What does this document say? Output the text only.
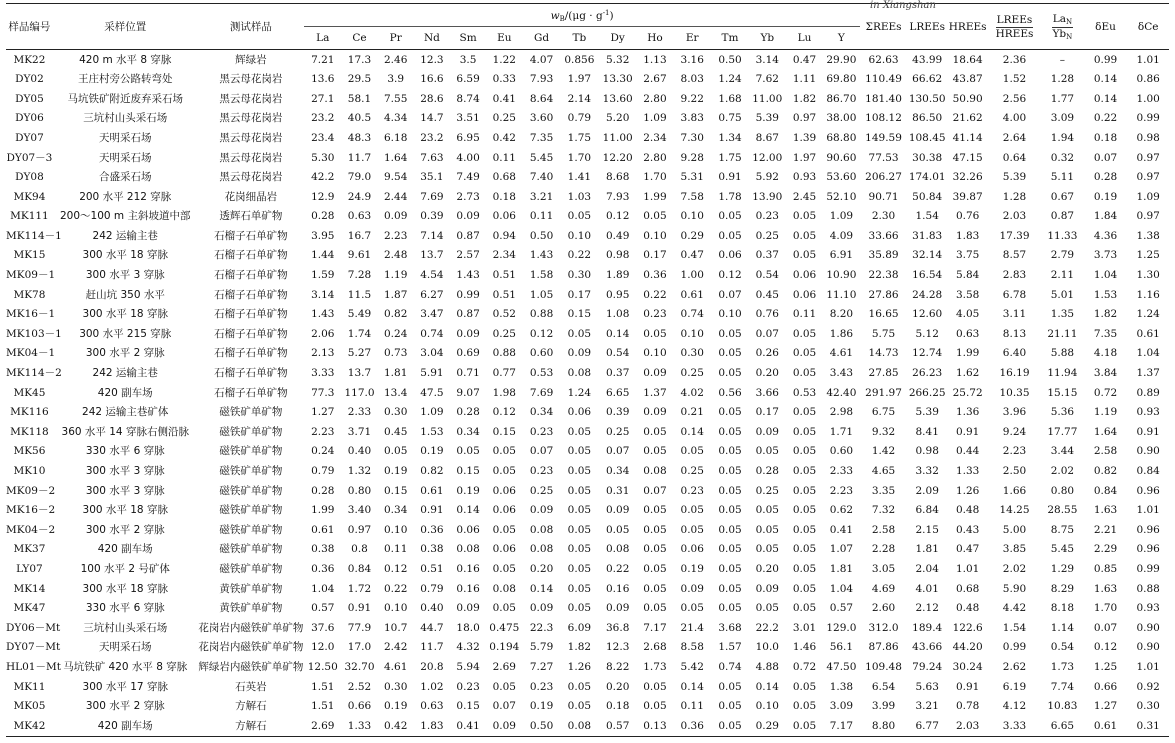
in Xiangshan
样品编号	采样位置	测试样品	$w_B/(\mu g \cdot g^{-1})$															ΣREEs	LREEs	HREEs	$\frac{\text{LREEs}}{\text{HREEs}}$	$\frac{La_N}{Yb_N}$	δEu	δCe
			La	Ce	Pr	Nd	Sm	Eu	Gd	Tb	Dy	Ho	Er	Tm	Yb	Lu	Y							
MK22	420 m 水平 8 穿脉	辉绿岩	7.21	17.3	2.46	12.3	3.5	1.22	4.07	0.856	5.32	1.13	3.16	0.50	3.14	0.47	29.90	62.63	43.99	18.64	2.36	–	0.99	1.01
DY02	王庄村旁公路转弯处	黑云母花岗岩	13.6	29.5	3.9	16.6	6.59	0.33	7.93	1.97	13.30	2.67	8.03	1.24	7.62	1.11	69.80	110.49	66.62	43.87	1.52	1.28	0.14	0.86
DY05	马坑铁矿附近废弃采石场	黑云母花岗岩	27.1	58.1	7.55	28.6	8.74	0.41	8.64	2.14	13.60	2.80	9.22	1.68	11.00	1.82	86.70	181.40	130.50	50.90	2.56	1.77	0.14	1.00
DY06	三坑村山头采石场	黑云母花岗岩	23.2	40.5	4.34	14.7	3.51	0.25	3.60	0.79	5.20	1.09	3.83	0.75	5.39	0.97	38.00	108.12	86.50	21.62	4.00	3.09	0.22	0.99
DY07	天明采石场	黑云母花岗岩	23.4	48.3	6.18	23.2	6.95	0.42	7.35	1.75	11.00	2.34	7.30	1.34	8.67	1.39	68.80	149.59	108.45	41.14	2.64	1.94	0.18	0.98
DY07－3	天明采石场	黑云母花岗岩	5.30	11.7	1.64	7.63	4.00	0.11	5.45	1.70	12.20	2.80	9.28	1.75	12.00	1.97	90.60	77.53	30.38	47.15	0.64	0.32	0.07	0.97
DY08	合盛采石场	黑云母花岗岩	42.2	79.0	9.54	35.1	7.49	0.68	7.40	1.41	8.68	1.70	5.31	0.91	5.92	0.93	53.60	206.27	174.01	32.26	5.39	5.11	0.28	0.97
MK94	200 水平 212 穿脉	花岗细晶岩	12.9	24.9	2.44	7.69	2.73	0.18	3.21	1.03	7.93	1.99	7.58	1.78	13.90	2.45	52.10	90.71	50.84	39.87	1.28	0.67	0.19	1.09
MK111	200～100 m 主斜坡道中部	透辉石单矿物	0.28	0.63	0.09	0.39	0.09	0.06	0.11	0.05	0.12	0.05	0.10	0.05	0.23	0.05	1.09	2.30	1.54	0.76	2.03	0.87	1.84	0.97
MK114－1	242 运输主巷	石榴子石单矿物	3.95	16.7	2.23	7.14	0.87	0.94	0.50	0.10	0.49	0.10	0.29	0.05	0.25	0.05	4.09	33.66	31.83	1.83	17.39	11.33	4.36	1.38
MK15	300 水平 18 穿脉	石榴子石单矿物	1.44	9.61	2.48	13.7	2.57	2.34	1.43	0.22	0.98	0.17	0.47	0.06	0.37	0.05	6.91	35.89	32.14	3.75	8.57	2.79	3.73	1.25
MK09－1	300 水平 3 穿脉	石榴子石单矿物	1.59	7.28	1.19	4.54	1.43	0.51	1.58	0.30	1.89	0.36	1.00	0.12	0.54	0.06	10.90	22.38	16.54	5.84	2.83	2.11	1.04	1.30
MK78	赶山坑 350 水平	石榴子石单矿物	3.14	11.5	1.87	6.27	0.99	0.51	1.05	0.17	0.95	0.22	0.61	0.07	0.45	0.06	11.10	27.86	24.28	3.58	6.78	5.01	1.53	1.16
MK16－1	300 水平 18 穿脉	石榴子石单矿物	1.43	5.49	0.82	3.47	0.87	0.52	0.88	0.15	1.08	0.23	0.74	0.10	0.76	0.11	8.20	16.65	12.60	4.05	3.11	1.35	1.82	1.24
MK103－1	300 水平 215 穿脉	石榴子石单矿物	2.06	1.74	0.24	0.74	0.09	0.25	0.12	0.05	0.14	0.05	0.10	0.05	0.07	0.05	1.86	5.75	5.12	0.63	8.13	21.11	7.35	0.61
MK04－1	300 水平 2 穿脉	石榴子石单矿物	2.13	5.27	0.73	3.04	0.69	0.88	0.60	0.09	0.54	0.10	0.30	0.05	0.26	0.05	4.61	14.73	12.74	1.99	6.40	5.88	4.18	1.04
MK114－2	242 运输主巷	石榴子石单矿物	3.33	13.7	1.81	5.91	0.71	0.77	0.53	0.08	0.37	0.09	0.25	0.05	0.20	0.05	3.43	27.85	26.23	1.62	16.19	11.94	3.84	1.37
MK45	420 副车场	石榴子石单矿物	77.3	117.0	13.4	47.5	9.07	1.98	7.69	1.24	6.65	1.37	4.02	0.56	3.66	0.53	42.40	291.97	266.25	25.72	10.35	15.15	0.72	0.89
MK116	242 运输主巷矿体	磁铁矿单矿物	1.27	2.33	0.30	1.09	0.28	0.12	0.34	0.06	0.39	0.09	0.21	0.05	0.17	0.05	2.98	6.75	5.39	1.36	3.96	5.36	1.19	0.93
MK118	360 水平 14 穿脉右侧沿脉	磁铁矿单矿物	2.23	3.71	0.45	1.53	0.34	0.15	0.23	0.05	0.25	0.05	0.14	0.05	0.09	0.05	1.71	9.32	8.41	0.91	9.24	17.77	1.64	0.91
MK56	330 水平 6 穿脉	磁铁矿单矿物	0.24	0.40	0.05	0.19	0.05	0.05	0.07	0.05	0.07	0.05	0.05	0.05	0.05	0.05	0.60	1.42	0.98	0.44	2.23	3.44	2.58	0.90
MK10	300 水平 3 穿脉	磁铁矿单矿物	0.79	1.32	0.19	0.82	0.15	0.05	0.23	0.05	0.34	0.08	0.25	0.05	0.28	0.05	2.33	4.65	3.32	1.33	2.50	2.02	0.82	0.84
MK09－2	300 水平 3 穿脉	磁铁矿单矿物	0.28	0.80	0.15	0.61	0.19	0.06	0.25	0.05	0.31	0.07	0.23	0.05	0.25	0.05	2.23	3.35	2.09	1.26	1.66	0.80	0.84	0.96
MK16－2	300 水平 18 穿脉	磁铁矿单矿物	1.99	3.40	0.34	0.91	0.14	0.06	0.09	0.05	0.09	0.05	0.05	0.05	0.05	0.05	0.62	7.32	6.84	0.48	14.25	28.55	1.63	1.01
MK04－2	300 水平 2 穿脉	磁铁矿单矿物	0.61	0.97	0.10	0.36	0.06	0.05	0.08	0.05	0.05	0.05	0.05	0.05	0.05	0.05	0.41	2.58	2.15	0.43	5.00	8.75	2.21	0.96
MK37	420 副车场	磁铁矿单矿物	0.38	0.8	0.11	0.38	0.08	0.06	0.08	0.05	0.08	0.05	0.06	0.05	0.05	0.05	1.07	2.28	1.81	0.47	3.85	5.45	2.29	0.96
LY07	100 水平 2 号矿体	磁铁矿单矿物	0.36	0.84	0.12	0.51	0.16	0.05	0.20	0.05	0.22	0.05	0.19	0.05	0.20	0.05	1.81	3.05	2.04	1.01	2.02	1.29	0.85	0.99
MK14	300 水平 18 穿脉	黄铁矿单矿物	1.04	1.72	0.22	0.79	0.16	0.08	0.14	0.05	0.16	0.05	0.09	0.05	0.09	0.05	1.04	4.69	4.01	0.68	5.90	8.29	1.63	0.88
MK47	330 水平 6 穿脉	黄铁矿单矿物	0.57	0.91	0.10	0.40	0.09	0.05	0.09	0.05	0.09	0.05	0.05	0.05	0.05	0.05	0.57	2.60	2.12	0.48	4.42	8.18	1.70	0.93
DY06－Mt	三坑村山头采石场	花岗岩内磁铁矿单矿物	37.6	77.9	10.7	44.7	18.0	0.475	22.3	6.09	36.8	7.17	21.4	3.68	22.2	3.01	129.0	312.0	189.4	122.6	1.54	1.14	0.07	0.90
DY07－Mt	天明采石场	花岗岩内磁铁矿单矿物	12.0	17.0	2.42	11.7	4.32	0.194	5.79	1.82	12.3	2.68	8.58	1.57	10.0	1.46	56.1	87.86	43.66	44.20	0.99	0.54	0.12	0.90
HL01－Mt	马坑铁矿 420 水平 8 穿脉	辉绿岩内磁铁矿单矿物	12.50	32.70	4.61	20.8	5.94	2.69	7.27	1.26	8.22	1.73	5.42	0.74	4.88	0.72	47.50	109.48	79.24	30.24	2.62	1.73	1.25	1.01
MK11	300 水平 17 穿脉	石英岩	1.51	2.52	0.30	1.02	0.23	0.05	0.23	0.05	0.20	0.05	0.14	0.05	0.14	0.05	1.38	6.54	5.63	0.91	6.19	7.74	0.66	0.92
MK05	300 水平 2 穿脉	方解石	1.51	0.66	0.19	0.63	0.15	0.07	0.19	0.05	0.18	0.05	0.11	0.05	0.10	0.05	3.09	3.99	3.21	0.78	4.12	10.83	1.27	0.30
MK42	420 副车场	方解石	2.69	1.33	0.42	1.83	0.41	0.09	0.50	0.08	0.57	0.13	0.36	0.05	0.29	0.05	7.17	8.80	6.77	2.03	3.33	6.65	0.61	0.31
